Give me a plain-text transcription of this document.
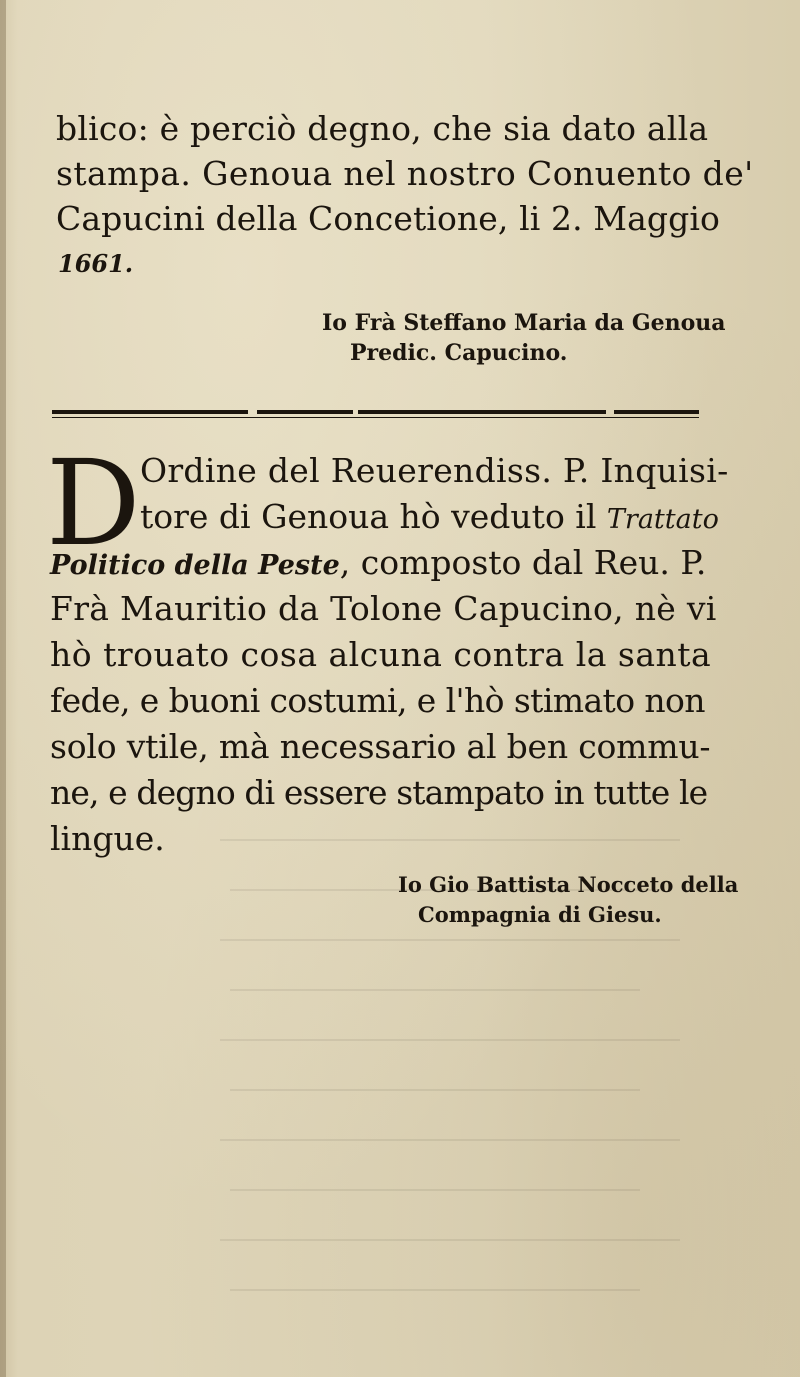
blico: è perciò degno, che sia dato alla
stampa. Genoua nel nostro Conuento de'
Capucini della Concetione, li 2. Maggio
1661.
Io Frà Steffano Maria da Genoua
Predic. Capucino.
D Ordine del Reuerendiss. P. Inquisi-
tore di Genoua hò veduto il Trattato
Politico della Peste, composto dal Reu. P.
Frà Mauritio da Tolone Capucino, nè vi
hò trouato cosa alcuna contra la santa
fede, e buoni costumi, e l'hò stimato non
solo vtile, mà necessario al ben commu-
ne, e degno di essere stampato in tutte le
lingue.
Io Gio Battista Nocceto della
Compagnia di Giesu.
